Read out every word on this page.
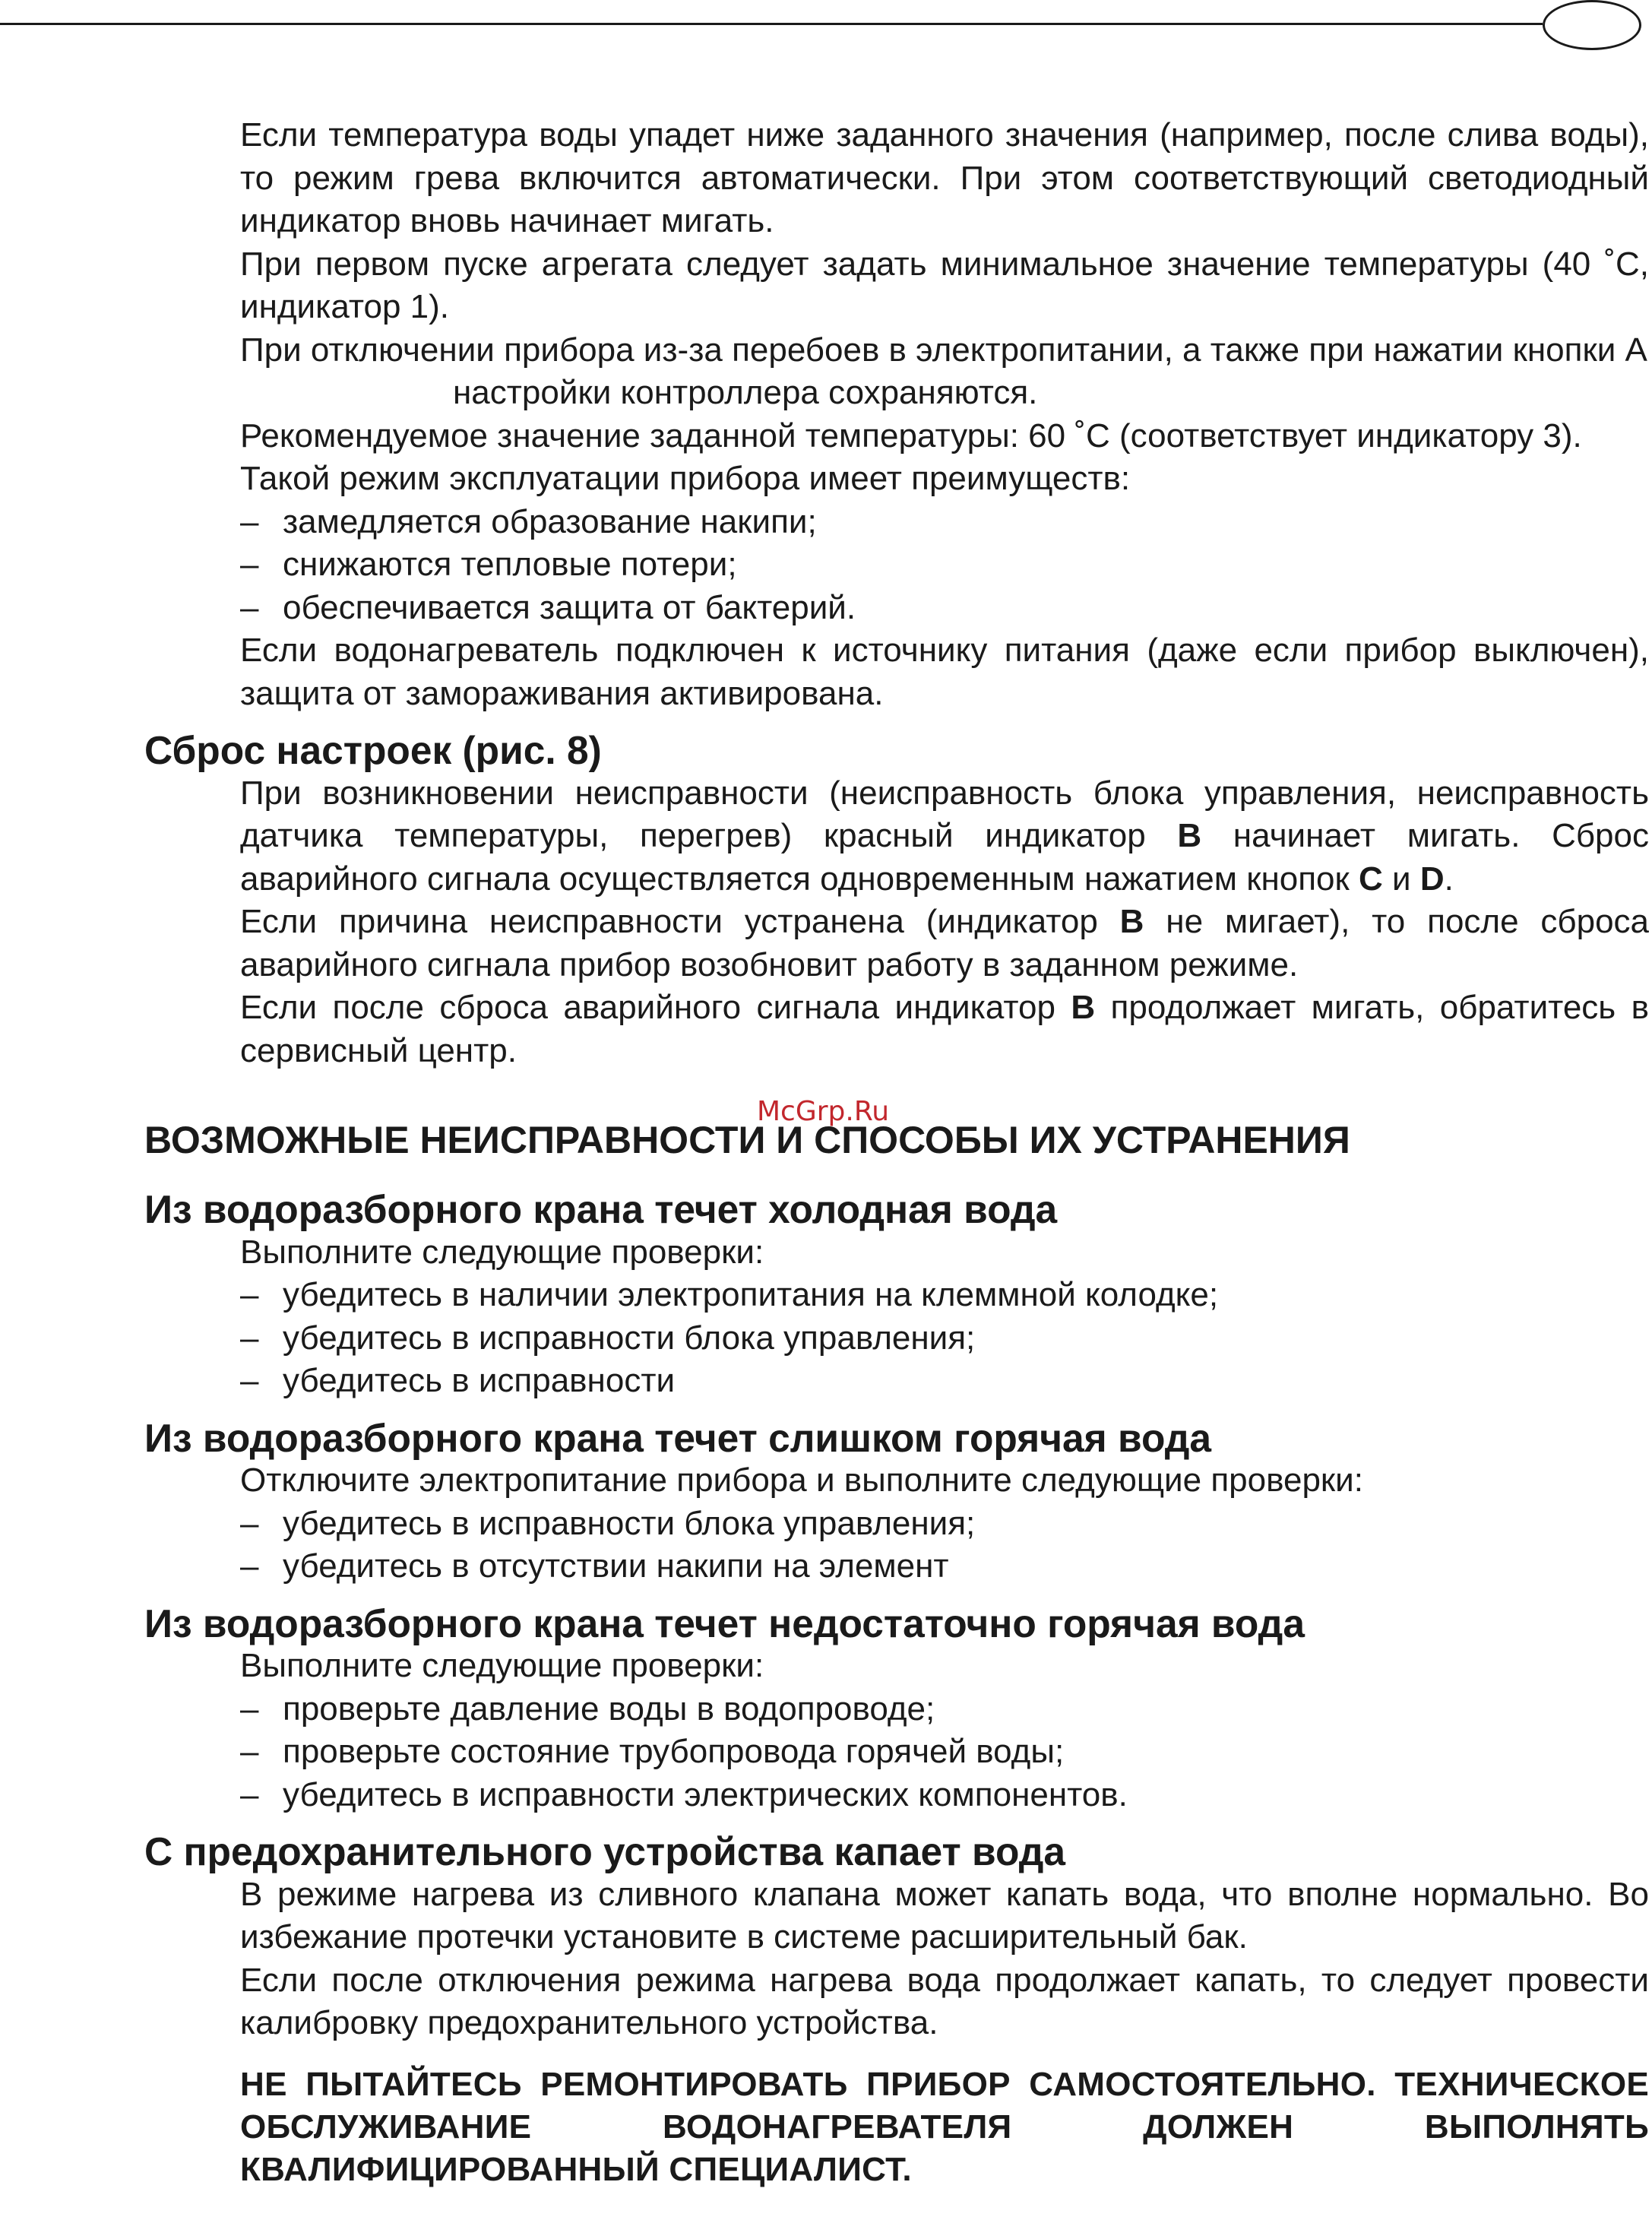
McGrp.Ru

Если температура воды упадет ниже заданного значения (например, после слива воды), то режим грева включится автоматически. При этом соответствующий светодиодный индикатор вновь начинает мигать.

При первом пуске агрегата следует задать минимальное значение температуры (40 ˚С, индикатор 1).

При отключении прибора из-за перебоев в электропитании, а также при нажатии кнопки А

настройки контроллера сохраняются.

Рекомендуемое значение заданной температуры: 60 ˚С (соответствует индикатору 3).

Такой режим эксплуатации прибора имеет преимуществ:

– замедляется образование накипи;
– снижаются тепловые потери;
– обеспечивается защита от бактерий.

Если водонагреватель подключен к источнику питания (даже если прибор выключен), защита от замораживания активирована.

Сброс настроек (рис. 8)

При возникновении неисправности (неисправность блока управления, неисправность датчика температуры, перегрев) красный индикатор B начинает мигать. Сброс аварийного сигнала осуществляется одновременным нажатием кнопок C и D.

Если причина неисправности устранена (индикатор B не мигает), то после сброса аварийного сигнала прибор возобновит работу в заданном режиме.

Если после сброса аварийного сигнала индикатор B продолжает мигать, обратитесь в сервисный центр.

ВОЗМОЖНЫЕ НЕИСПРАВНОСТИ И СПОСОБЫ ИХ УСТРАНЕНИЯ
Из водоразборного крана течет холодная вода

Выполните следующие проверки:

– убедитесь в наличии электропитания на клеммной колодке;
– убедитесь в исправности блока управления;
– убедитесь в исправности
Из водоразборного крана течет слишком горячая вода

Отключите электропитание прибора и выполните следующие проверки:

– убедитесь в исправности блока управления;
– убедитесь в отсутствии накипи на элемент
Из водоразборного крана течет недостаточно горячая вода

Выполните следующие проверки:

– проверьте давление воды в водопроводе;
– проверьте состояние трубопровода горячей воды;
– убедитесь в исправности электрических компонентов.
С предохранительного устройства капает вода

В режиме нагрева из сливного клапана может капать вода, что вполне нормально. Во избежание протечки установите в системе расширительный бак.

Если после отключения режима нагрева вода продолжает капать, то следует провести калибровку предохранительного устройства.

НЕ ПЫТАЙТЕСЬ РЕМОНТИРОВАТЬ ПРИБОР САМОСТОЯТЕЛЬНО. ТЕХНИЧЕСКОЕ ОБСЛУЖИВАНИЕ ВОДОНАГРЕВАТЕЛЯ ДОЛЖЕН ВЫПОЛНЯТЬ КВАЛИФИЦИРОВАННЫЙ СПЕЦИАЛИСТ.
